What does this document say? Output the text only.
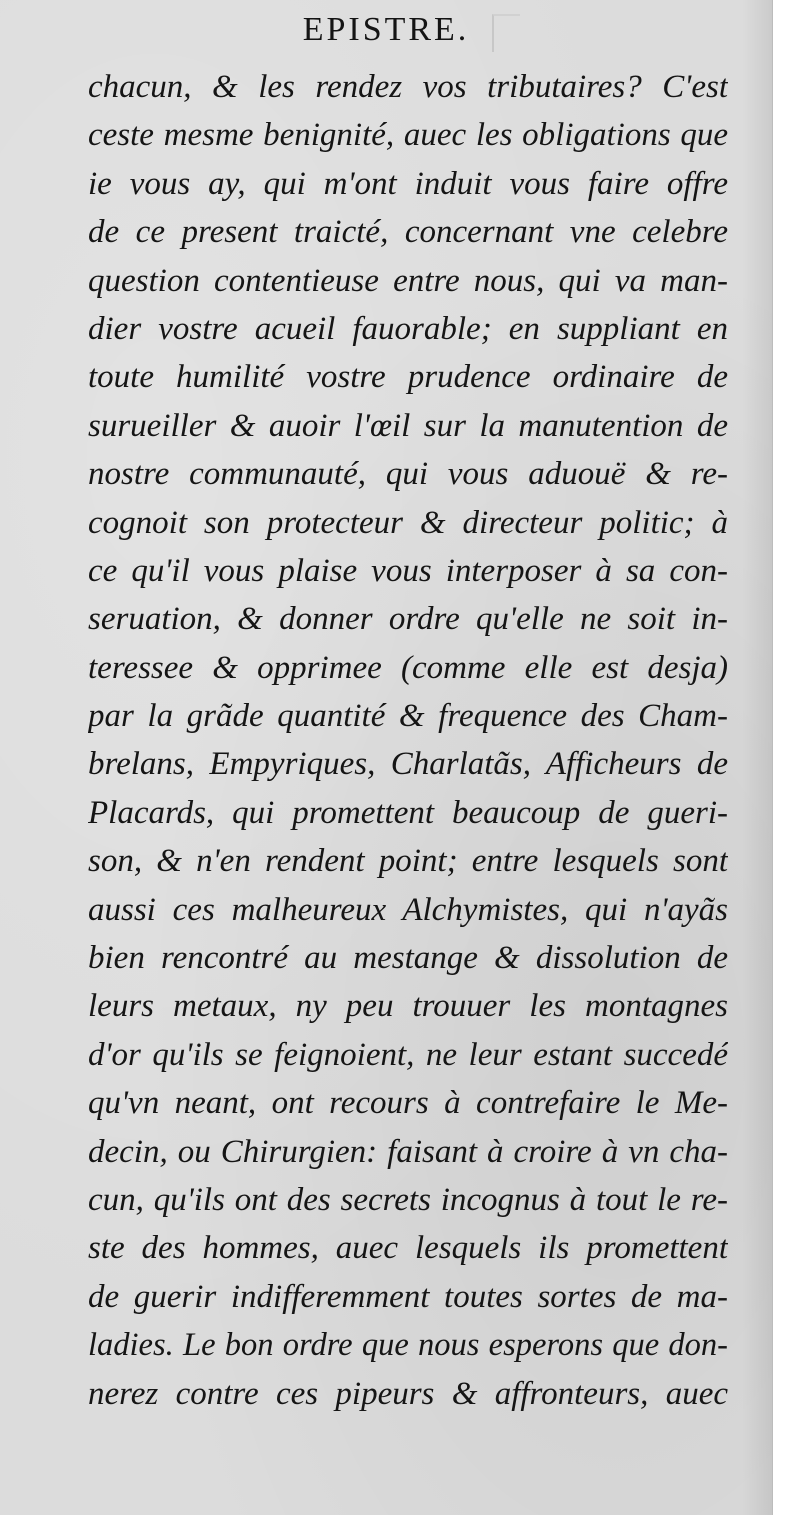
EPISTRE.
chacun, & les rendez vos tributaires? C'est
ceste mesme benignité, auec les obligations que
ie vous ay, qui m'ont induit vous faire offre
de ce present traicté, concernant vne celebre
question contentieuse entre nous, qui va man-
dier vostre acueil fauorable; en suppliant en
toute humilité vostre prudence ordinaire de
surueiller & auoir l'œil sur la manutention de
nostre communauté, qui vous aduouë & re-
cognoit son protecteur & directeur politic; à
ce qu'il vous plaise vous interposer à sa con-
seruation, & donner ordre qu'elle ne soit in-
teressee & opprimee (comme elle est desja)
par la grãde quantité & frequence des Cham-
brelans, Empyriques, Charlatãs, Afficheurs de
Placards, qui promettent beaucoup de gueri-
son, & n'en rendent point; entre lesquels sont
aussi ces malheureux Alchymistes, qui n'ayãs
bien rencontré au mestange & dissolution de
leurs metaux, ny peu trouuer les montagnes
d'or qu'ils se feignoient, ne leur estant succedé
qu'vn neant, ont recours à contrefaire le Me-
decin, ou Chirurgien: faisant à croire à vn cha-
cun, qu'ils ont des secrets incognus à tout le re-
ste des hommes, auec lesquels ils promettent
de guerir indifferemment toutes sortes de ma-
ladies. Le bon ordre que nous esperons que don-
nerez contre ces pipeurs & affronteurs, auec
